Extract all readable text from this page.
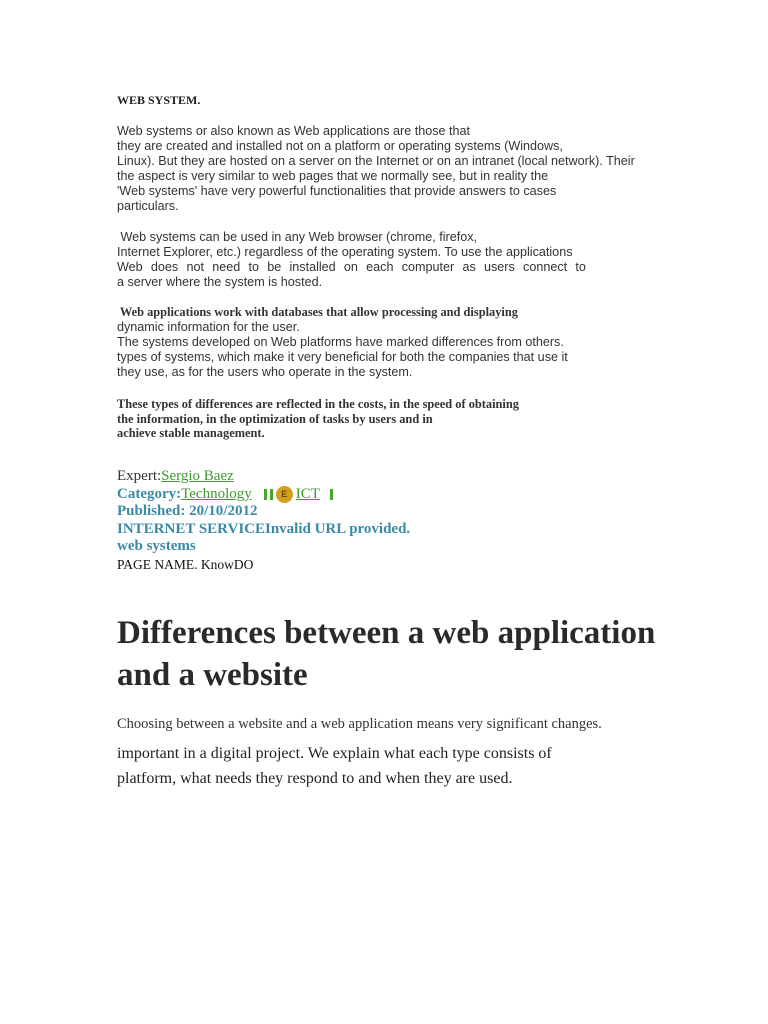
WEB SYSTEM.
Web systems or also known as Web applications are those that
they are created and installed not on a platform or operating systems (Windows,
Linux). But they are hosted on a server on the Internet or on an intranet (local network). Their
the aspect is very similar to web pages that we normally see, but in reality the
'Web systems' have very powerful functionalities that provide answers to cases
particulars.
Web systems can be used in any Web browser (chrome, firefox,
Internet Explorer, etc.) regardless of the operating system. To use the applications
Web does not need to be installed on each computer as users connect to
a server where the system is hosted.
Web applications work with databases that allow processing and displaying
dynamic information for the user.
The systems developed on Web platforms have marked differences from others.
types of systems, which make it very beneficial for both the companies that use it
they use, as for the users who operate in the system.
These types of differences are reflected in the costs, in the speed of obtaining
the information, in the optimization of tasks by users and in
achieve stable management.
Expert:Sergio Baez
Category: Technology	E ICT
Published: 20/10/2012
INTERNET SERVICEInvalid URL provided.
web systems
PAGE NAME. KnowDO
Differences between a web application
and a website
Choosing between a website and a web application means very significant changes.
important in a digital project. We explain what each type consists of
platform, what needs they respond to and when they are used.
